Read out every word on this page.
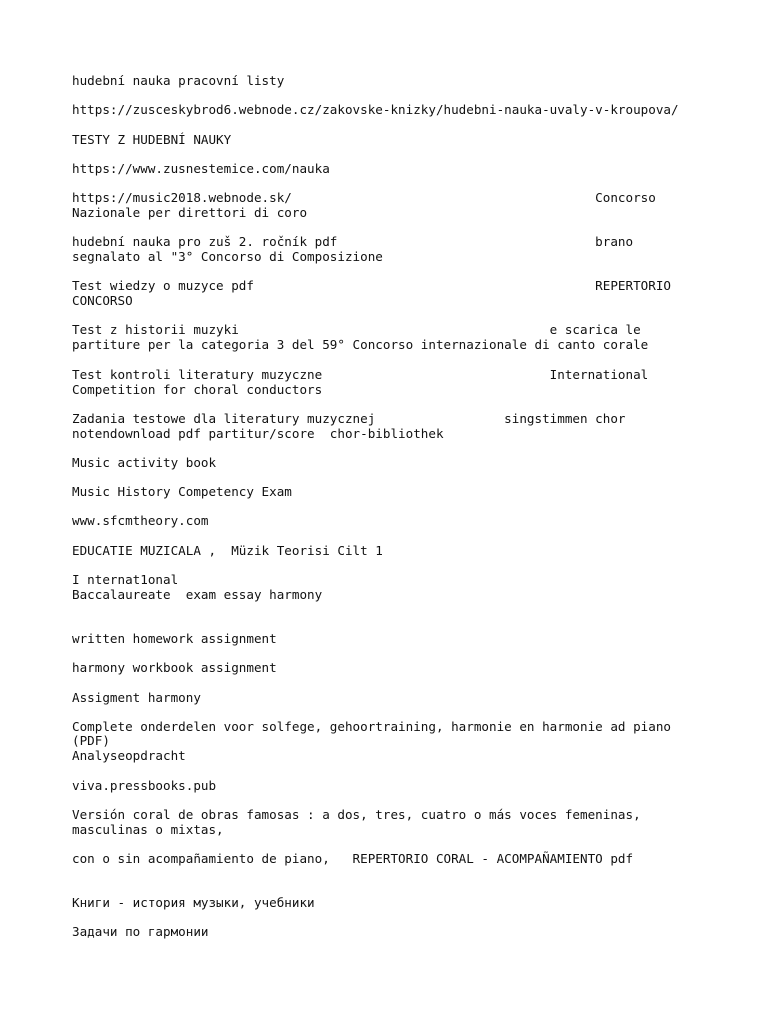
hudební nauka pracovní listy
https://zusceskybrod6.webnode.cz/zakovske-knizky/hudebni-nauka-uvaly-v-kroupova/
TESTY Z HUDEBNÍ NAUKY
https://www.zusnestemice.com/nauka
https://music2018.webnode.sk/                                        Concorso
Nazionale per direttori di coro
hudební nauka pro zuš 2. ročník pdf                                  brano
segnalato al "3° Concorso di Composizione
Test wiedzy o muzyce pdf                                             REPERTORIO
CONCORSO
Test z historii muzyki                                         e scarica le
partiture per la categoria 3 del 59° Concorso internazionale di canto corale
Test kontroli literatury muzyczne                              International
Competition for choral conductors
Zadania testowe dla literatury muzycznej                 singstimmen chor
notendownload pdf partitur/score  chor-bibliothek
Music activity book
Music History Competency Exam
www.sfcmtheory.com
EDUCATIE MUZICALA ,  Müzik Teorisi Cilt 1
I nternat1onal
Baccalaureate  exam essay harmony
written homework assignment
harmony workbook assignment
Assigment harmony
Complete onderdelen voor solfege, gehoortraining, harmonie en harmonie ad piano
(PDF)
Analyseopdracht
viva.pressbooks.pub
Versión coral de obras famosas : a dos, tres, cuatro o más voces femeninas,
masculinas o mixtas,
con o sin acompañamiento de piano,   REPERTORIO CORAL - ACOMPAÑAMIENTO pdf
Книги - история музыки, учебники
Задачи по гармонии
